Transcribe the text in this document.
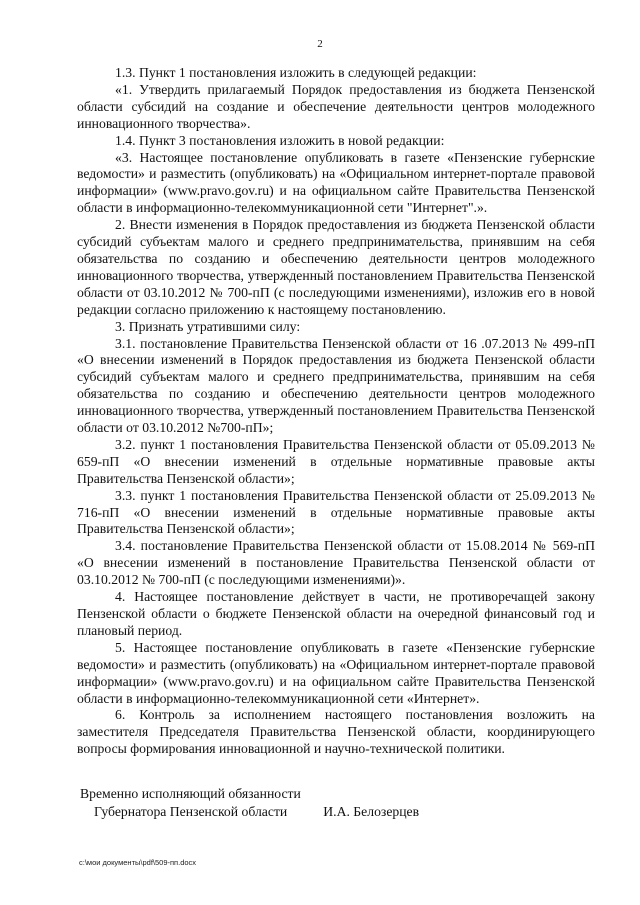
2

1.3. Пункт 1 постановления изложить в следующей редакции:

«1. Утвердить прилагаемый Порядок предоставления из бюджета Пензенской области субсидий на создание и обеспечение деятельности центров молодежного инновационного творчества».

1.4. Пункт 3 постановления изложить в новой редакции:

«3. Настоящее постановление опубликовать в газете «Пензенские губернские ведомости» и разместить (опубликовать) на «Официальном интернет-портале правовой информации» (www.pravo.gov.ru) и на официальном сайте Правительства Пензенской области в информационно-телекоммуникационной сети "Интернет".».

2. Внести изменения в Порядок предоставления из бюджета Пензенской области субсидий субъектам малого и среднего предпринимательства, принявшим на себя обязательства по созданию и обеспечению деятельности центров молодежного инновационного творчества, утвержденный постановлением Правительства Пензенской области от 03.10.2012 № 700-пП (с последующими изменениями), изложив его в новой редакции согласно приложению к настоящему постановлению.

3. Признать утратившими силу:

3.1. постановление Правительства Пензенской области от 16 .07.2013 № 499-пП «О внесении изменений в Порядок предоставления из бюджета Пензенской области субсидий субъектам малого и среднего предпринимательства, принявшим на себя обязательства по созданию и обеспечению деятельности центров молодежного инновационного творчества, утвержденный постановлением Правительства Пензенской области от 03.10.2012 №700-пП»;

3.2. пункт 1 постановления Правительства Пензенской области от 05.09.2013 № 659-пП «О внесении изменений в отдельные нормативные правовые акты Правительства Пензенской области»;

3.3. пункт 1 постановления Правительства Пензенской области от 25.09.2013 № 716-пП «О внесении изменений в отдельные нормативные правовые акты Правительства Пензенской области»;

3.4. постановление Правительства Пензенской области от 15.08.2014 № 569-пП «О внесении изменений в постановление Правительства Пензенской области от 03.10.2012 № 700-пП (с последующими изменениями)».

4. Настоящее постановление действует в части, не противоречащей закону Пензенской области о бюджете Пензенской области на очередной финансовый год и плановый период.

5. Настоящее постановление опубликовать в газете «Пензенские губернские ведомости» и разместить (опубликовать) на «Официальном интернет-портале правовой информации» (www.pravo.gov.ru) и на официальном сайте Правительства Пензенской области в информационно-телекоммуникационной сети «Интернет».

6. Контроль за исполнением настоящего постановления возложить на заместителя Председателя Правительства Пензенской области, координирующего вопросы формирования инновационной и научно-технической политики.

Временно исполняющий обязанности
Губернатора Пензенской области	И.А. Белозерцев
c:\мои документы\pdf\509-пп.docx
